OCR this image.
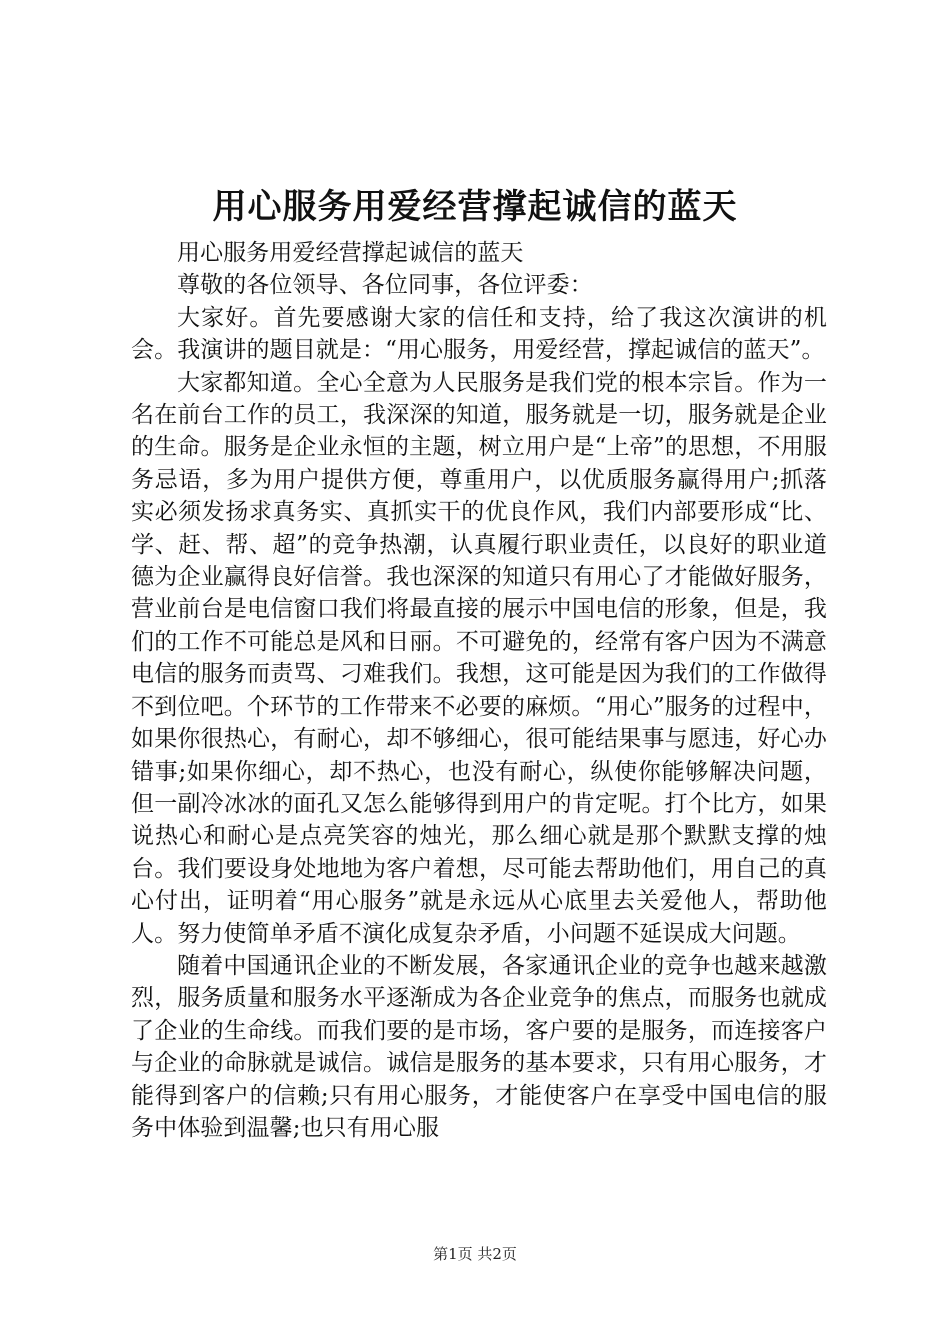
用心服务用爱经营撑起诚信的蓝天

用心服务用爱经营撑起诚信的蓝天

尊敬的各位领导、各位同事，各位评委：

大家好。首先要感谢大家的信任和支持，给了我这次演讲的机会。我演讲的题目就是：“用心服务，用爱经营，撑起诚信的蓝天”。

大家都知道。全心全意为人民服务是我们党的根本宗旨。作为一名在前台工作的员工，我深深的知道，服务就是一切，服务就是企业的生命。服务是企业永恒的主题，树立用户是“上帝”的思想，不用服务忌语，多为用户提供方便，尊重用户，以优质服务赢得用户;抓落实必须发扬求真务实、真抓实干的优良作风，我们内部要形成“比、学、赶、帮、超”的竞争热潮，认真履行职业责任，以良好的职业道德为企业赢得良好信誉。我也深深的知道只有用心了才能做好服务，营业前台是电信窗口我们将最直接的展示中国电信的形象，但是，我们的工作不可能总是风和日丽。不可避免的，经常有客户因为不满意电信的服务而责骂、刁难我们。我想，这可能是因为我们的工作做得不到位吧。个环节的工作带来不必要的麻烦。“用心”服务的过程中，如果你很热心，有耐心，却不够细心，很可能结果事与愿违，好心办错事;如果你细心，却不热心，也没有耐心，纵使你能够解决问题，但一副冷冰冰的面孔又怎么能够得到用户的肯定呢。打个比方，如果说热心和耐心是点亮笑容的烛光，那么细心就是那个默默支撑的烛台。我们要设身处地地为客户着想，尽可能去帮助他们，用自己的真心付出，证明着“用心服务”就是永远从心底里去关爱他人，帮助他人。努力使简单矛盾不演化成复杂矛盾，小问题不延误成大问题。

随着中国通讯企业的不断发展，各家通讯企业的竞争也越来越激烈，服务质量和服务水平逐渐成为各企业竞争的焦点，而服务也就成了企业的生命线。而我们要的是市场，客户要的是服务，而连接客户与企业的命脉就是诚信。诚信是服务的基本要求，只有用心服务，才能得到客户的信赖;只有用心服务，才能使客户在享受中国电信的服务中体验到温馨;也只有用心服

第1页 共2页
